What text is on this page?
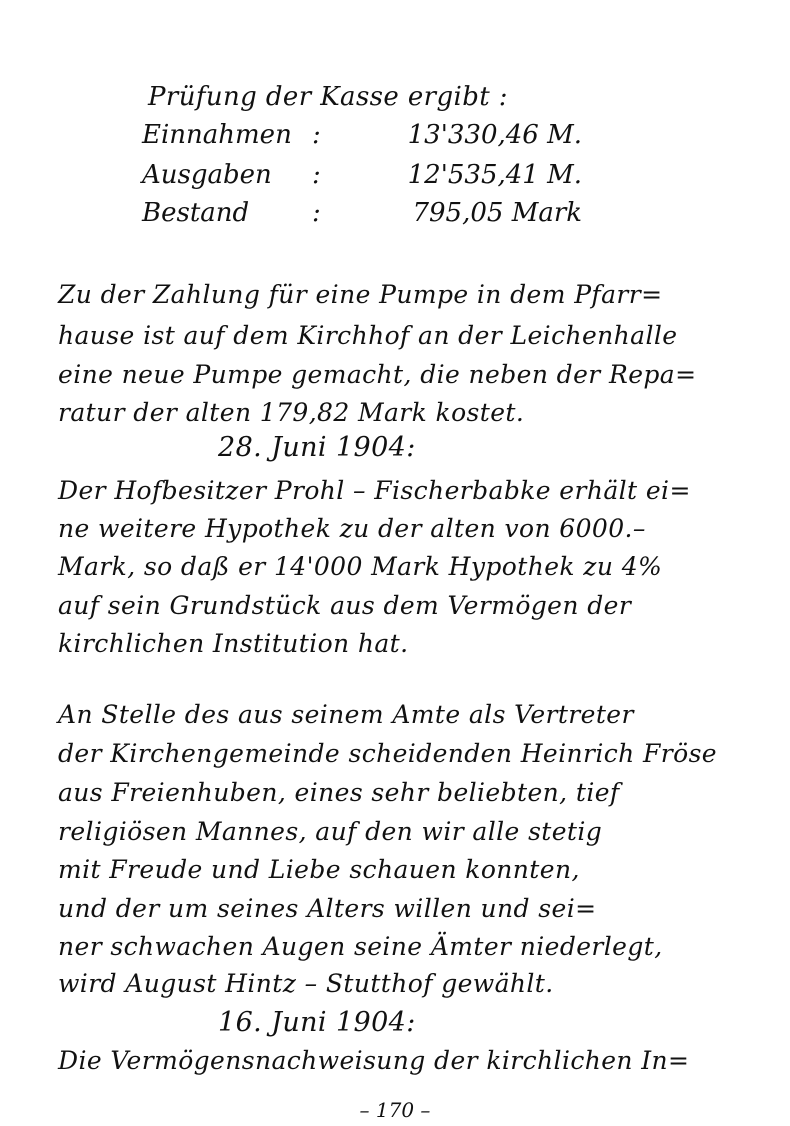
Prüfung der Kasse ergibt :
Einnahmen :	13'330,46 M.
Ausgaben :	12'535,41 M.
Bestand :	795,05 Mark
Zu der Zahlung für eine Pumpe in dem Pfarr=
hause ist auf dem Kirchhof an der Leichenhalle
eine neue Pumpe gemacht, die neben der Repa=
ratur der alten 179,82 Mark kostet.
28. Juni 1904:
Der Hofbesitzer Prohl – Fischerbabke erhält ei=
ne weitere Hypothek zu der alten von 6000.–
Mark, so daß er 14'000 Mark Hypothek zu 4%
auf sein Grundstück aus dem Vermögen der
kirchlichen Institution hat.
An Stelle des aus seinem Amte als Vertreter
der Kirchengemeinde scheidenden Heinrich Fröse
aus Freienhuben, eines sehr beliebten, tief
religiösen Mannes, auf den wir alle stetig
mit Freude und Liebe schauen konnten,
und der um seines Alters willen und sei=
ner schwachen Augen seine Ämter niederlegt,
wird August Hintz – Stutthof gewählt.
16. Juni 1904:
Die Vermögensnachweisung der kirchlichen In=
– 170 –
